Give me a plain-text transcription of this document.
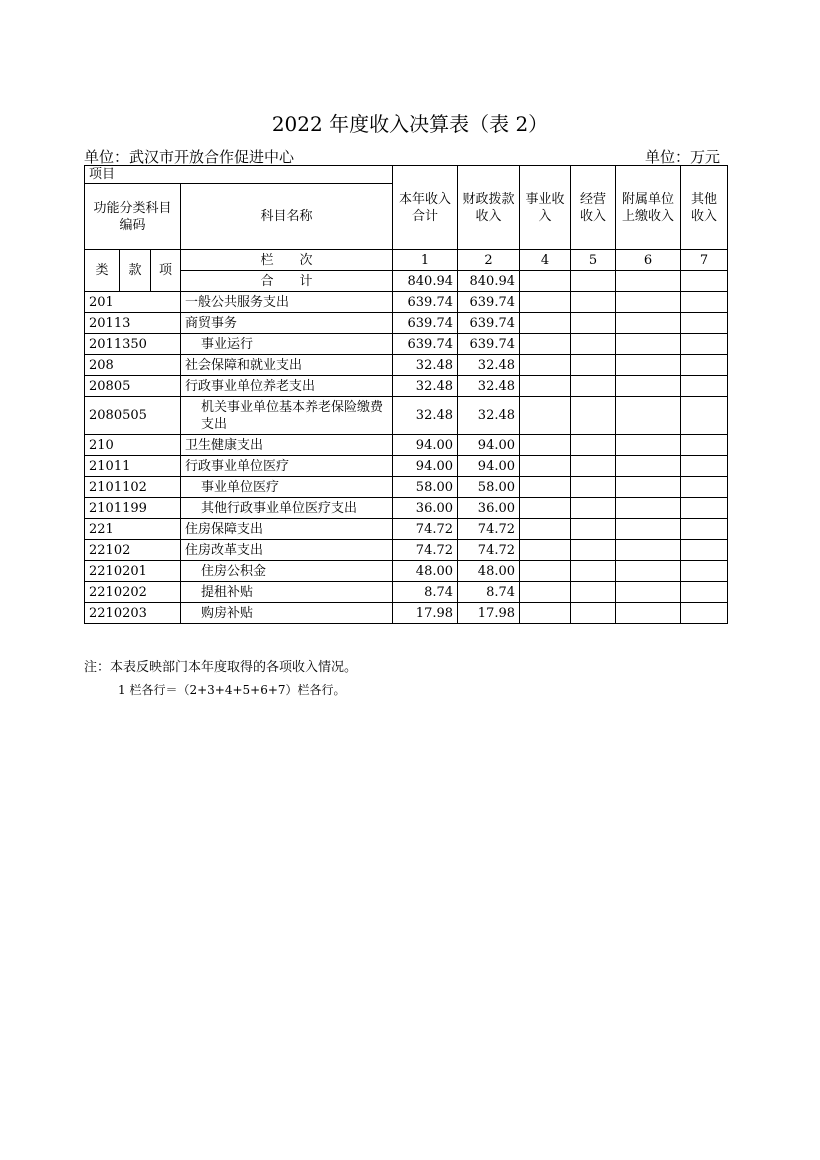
2022 年度收入决算表（表 2）
单位：武汉市开放合作促进中心	单位：万元
项目				本年收入合计	财政拨款收入	事业收入	经营收入	附属单位上缴收入	其他收入
功能分类科目编码			科目名称						
类	款	项	栏　　次	1	2	4	5	6	7
			合　　计	840.94	840.94				
201			一般公共服务支出	639.74	639.74				
20113			商贸事务	639.74	639.74				
2011350			事业运行	639.74	639.74				
208			社会保障和就业支出	32.48	32.48				
20805			行政事业单位养老支出	32.48	32.48				
2080505			机关事业单位基本养老保险缴费支出	32.48	32.48				
210			卫生健康支出	94.00	94.00				
21011			行政事业单位医疗	94.00	94.00				
2101102			事业单位医疗	58.00	58.00				
2101199			其他行政事业单位医疗支出	36.00	36.00				
221			住房保障支出	74.72	74.72				
22102			住房改革支出	74.72	74.72				
2210201			住房公积金	48.00	48.00				
2210202			提租补贴	8.74	8.74				
2210203			购房补贴	17.98	17.98				
注：本表反映部门本年度取得的各项收入情况。
1 栏各行＝（2+3+4+5+6+7）栏各行。
